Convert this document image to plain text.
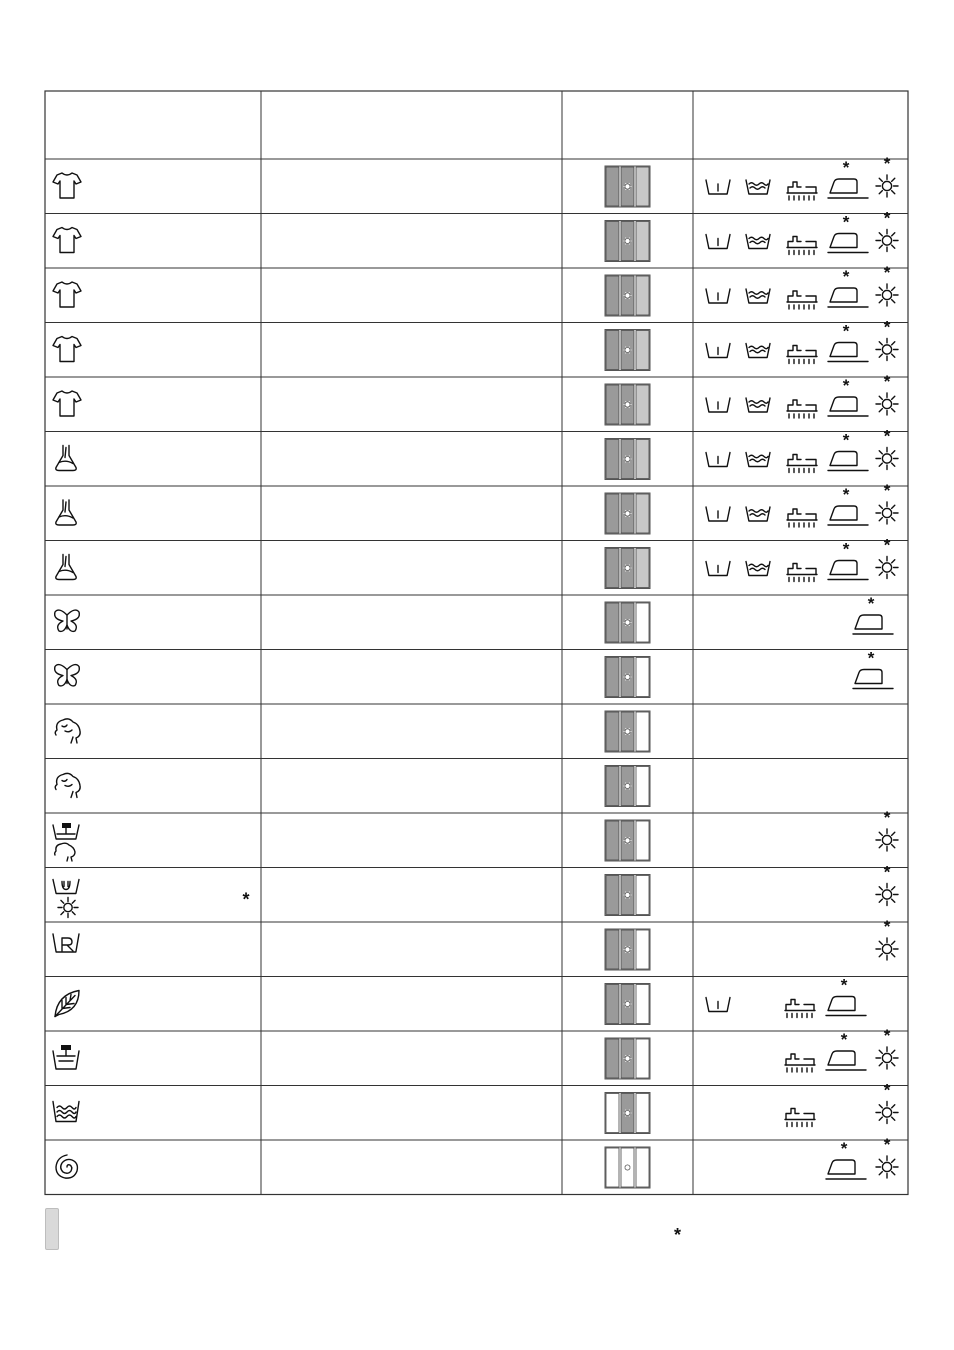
* *
* *
* *
* *
* *
* *
* *
* *
*
*
*
*
*
*
*
* *
*
* *
*
